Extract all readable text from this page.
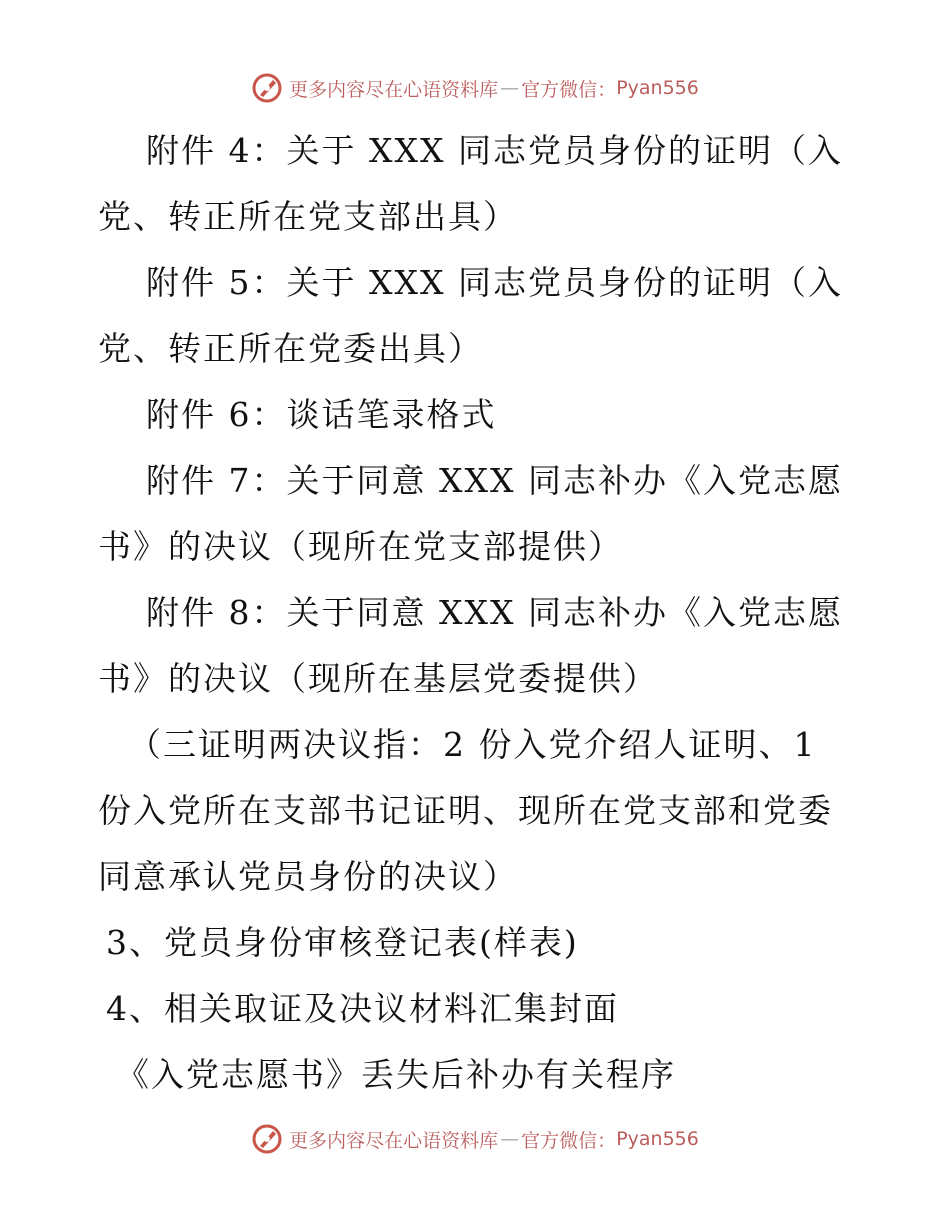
更多内容尽在心语资料库 — 官方微信： Pyan556

附件 4：关于 XXX 同志党员身份的证明（入党、转正所在党支部出具）

附件 5：关于 XXX 同志党员身份的证明（入党、转正所在党委出具）

附件 6：谈话笔录格式

附件 7：关于同意 XXX 同志补办《入党志愿书》的决议（现所在党支部提供）

附件 8：关于同意 XXX 同志补办《入党志愿书》的决议（现所在基层党委提供）

（三证明两决议指：2 份入党介绍人证明、1 份入党所在支部书记证明、现所在党支部和党委同意承认党员身份的决议）

3、党员身份审核登记表(样表)

4、相关取证及决议材料汇集封面

《入党志愿书》丢失后补办有关程序

更多内容尽在心语资料库 — 官方微信： Pyan556
